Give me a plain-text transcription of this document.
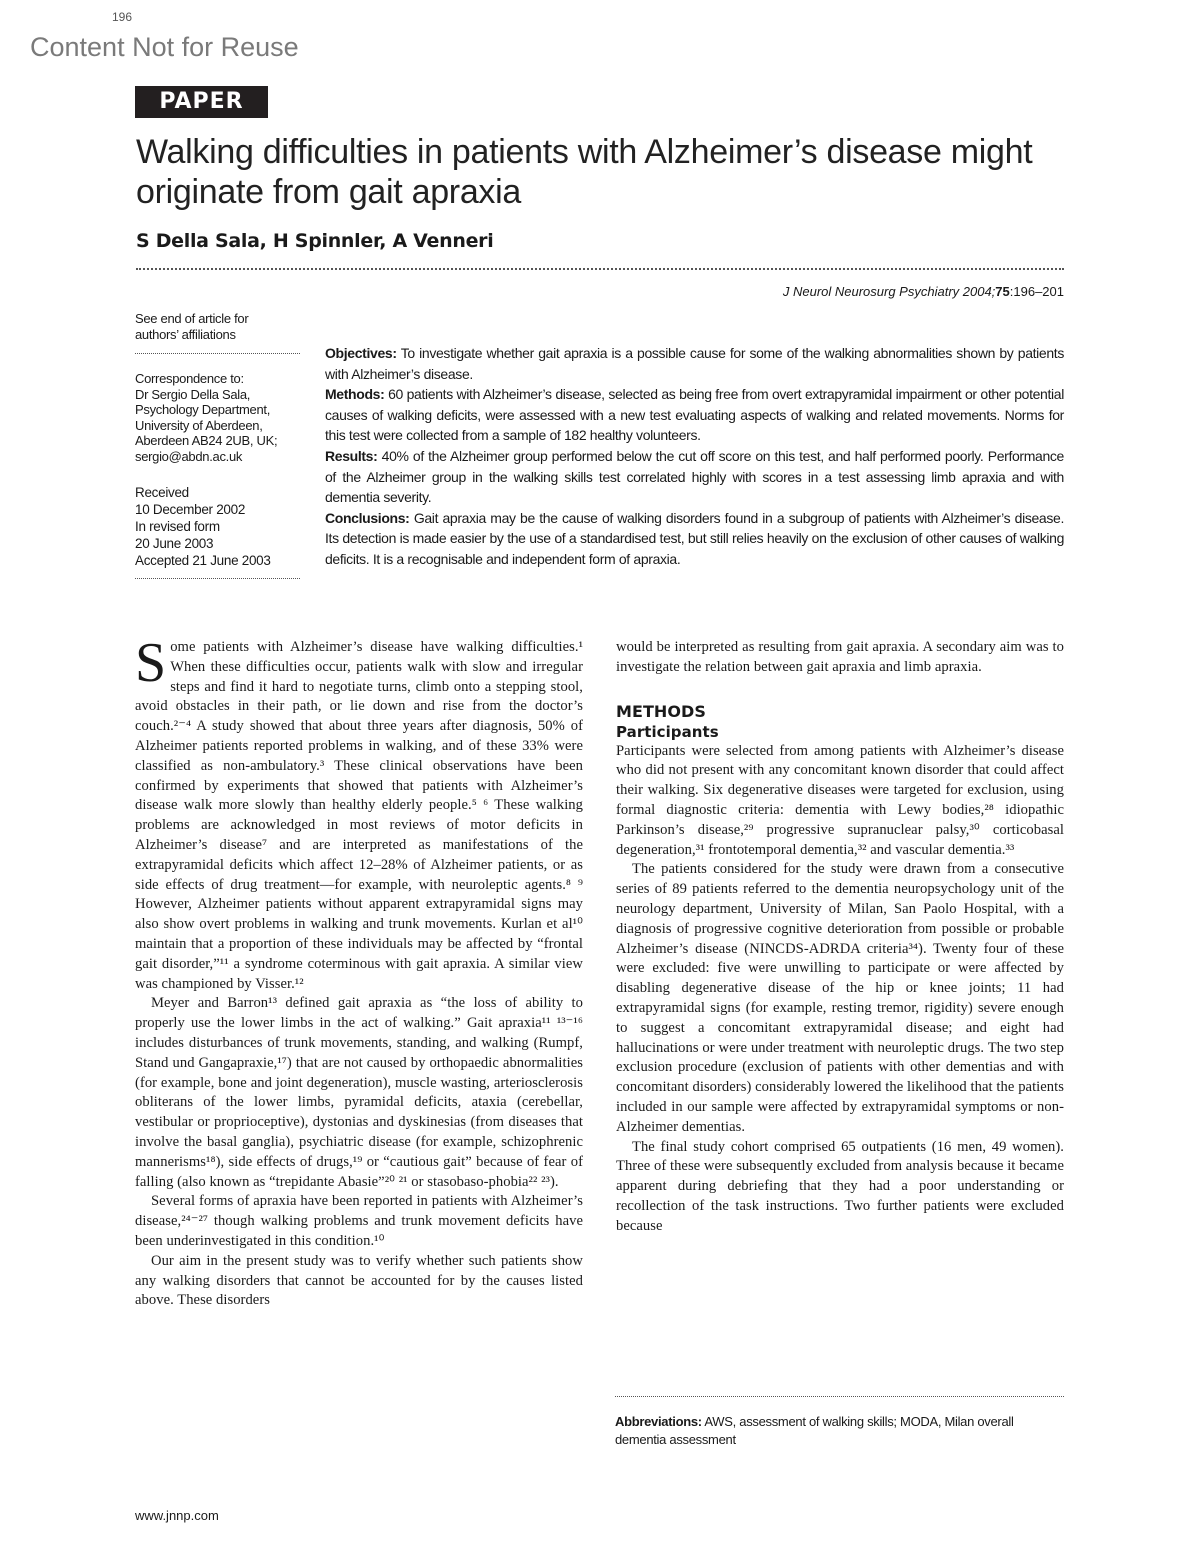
196
Content Not for Reuse
PAPER
Walking difficulties in patients with Alzheimer’s disease might originate from gait apraxia
S Della Sala, H Spinnler, A Venneri
J Neurol Neurosurg Psychiatry 2004;75:196–201
See end of article for authors’ affiliations
Correspondence to:
Dr Sergio Della Sala,
Psychology Department,
University of Aberdeen,
Aberdeen AB24 2UB, UK;
sergio@abdn.ac.uk
Received
10 December 2002
In revised form
20 June 2003
Accepted 21 June 2003
Objectives: To investigate whether gait apraxia is a possible cause for some of the walking abnormalities shown by patients with Alzheimer’s disease.
Methods: 60 patients with Alzheimer’s disease, selected as being free from overt extrapyramidal impairment or other potential causes of walking deficits, were assessed with a new test evaluating aspects of walking and related movements. Norms for this test were collected from a sample of 182 healthy volunteers.
Results: 40% of the Alzheimer group performed below the cut off score on this test, and half performed poorly. Performance of the Alzheimer group in the walking skills test correlated highly with scores in a test assessing limb apraxia and with dementia severity.
Conclusions: Gait apraxia may be the cause of walking disorders found in a subgroup of patients with Alzheimer’s disease. Its detection is made easier by the use of a standardised test, but still relies heavily on the exclusion of other causes of walking deficits. It is a recognisable and independent form of apraxia.

Some patients with Alzheimer’s disease have walking difficulties.¹ When these difficulties occur, patients walk with slow and irregular steps and find it hard to negotiate turns, climb onto a stepping stool, avoid obstacles in their path, or lie down and rise from the doctor’s couch.²⁻⁴ A study showed that about three years after diagnosis, 50% of Alzheimer patients reported problems in walking, and of these 33% were classified as non-ambulatory.³ These clinical observations have been confirmed by experiments that showed that patients with Alzheimer’s disease walk more slowly than healthy elderly people.⁵ ⁶ These walking problems are acknowledged in most reviews of motor deficits in Alzheimer’s disease⁷ and are interpreted as manifestations of the extrapyramidal deficits which affect 12–28% of Alzheimer patients, or as side effects of drug treatment—for example, with neuroleptic agents.⁸ ⁹ However, Alzheimer patients without apparent extrapyramidal signs may also show overt problems in walking and trunk movements. Kurlan et al¹⁰ maintain that a proportion of these individuals may be affected by “frontal gait disorder,”¹¹ a syndrome coterminous with gait apraxia. A similar view was championed by Visser.¹²

Meyer and Barron¹³ defined gait apraxia as “the loss of ability to properly use the lower limbs in the act of walking.” Gait apraxia¹¹ ¹³⁻¹⁶ includes disturbances of trunk movements, standing, and walking (Rumpf, Stand und Gangapraxie,¹⁷) that are not caused by orthopaedic abnormalities (for example, bone and joint degeneration), muscle wasting, arteriosclerosis obliterans of the lower limbs, pyramidal deficits, ataxia (cerebellar, vestibular or proprioceptive), dystonias and dyskinesias (from diseases that involve the basal ganglia), psychiatric disease (for example, schizophrenic mannerisms¹⁸), side effects of drugs,¹⁹ or “cautious gait” because of fear of falling (also known as “trepidante Abasie”²⁰ ²¹ or stasobaso-phobia²² ²³).

Several forms of apraxia have been reported in patients with Alzheimer’s disease,²⁴⁻²⁷ though walking problems and trunk movement deficits have been underinvestigated in this condition.¹⁰

Our aim in the present study was to verify whether such patients show any walking disorders that cannot be accounted for by the causes listed above. These disorders

would be interpreted as resulting from gait apraxia. A secondary aim was to investigate the relation between gait apraxia and limb apraxia.

METHODS
Participants

Participants were selected from among patients with Alzheimer’s disease who did not present with any concomitant known disorder that could affect their walking. Six degenerative diseases were targeted for exclusion, using formal diagnostic criteria: dementia with Lewy bodies,²⁸ idiopathic Parkinson’s disease,²⁹ progressive supranuclear palsy,³⁰ corticobasal degeneration,³¹ frontotemporal dementia,³² and vascular dementia.³³

The patients considered for the study were drawn from a consecutive series of 89 patients referred to the dementia neuropsychology unit of the neurology department, University of Milan, San Paolo Hospital, with a diagnosis of progressive cognitive deterioration from possible or probable Alzheimer’s disease (NINCDS-ADRDA criteria³⁴). Twenty four of these were excluded: five were unwilling to participate or were affected by disabling degenerative disease of the hip or knee joints; 11 had extrapyramidal signs (for example, resting tremor, rigidity) severe enough to suggest a concomitant extrapyramidal disease; and eight had hallucinations or were under treatment with neuroleptic drugs. The two step exclusion procedure (exclusion of patients with other dementias and with concomitant disorders) considerably lowered the likelihood that the patients included in our sample were affected by extrapyramidal symptoms or non-Alzheimer dementias.

The final study cohort comprised 65 outpatients (16 men, 49 women). Three of these were subsequently excluded from analysis because it became apparent during debriefing that they had a poor understanding or recollection of the task instructions. Two further patients were excluded because

Abbreviations: AWS, assessment of walking skills; MODA, Milan overall dementia assessment
www.jnnp.com
